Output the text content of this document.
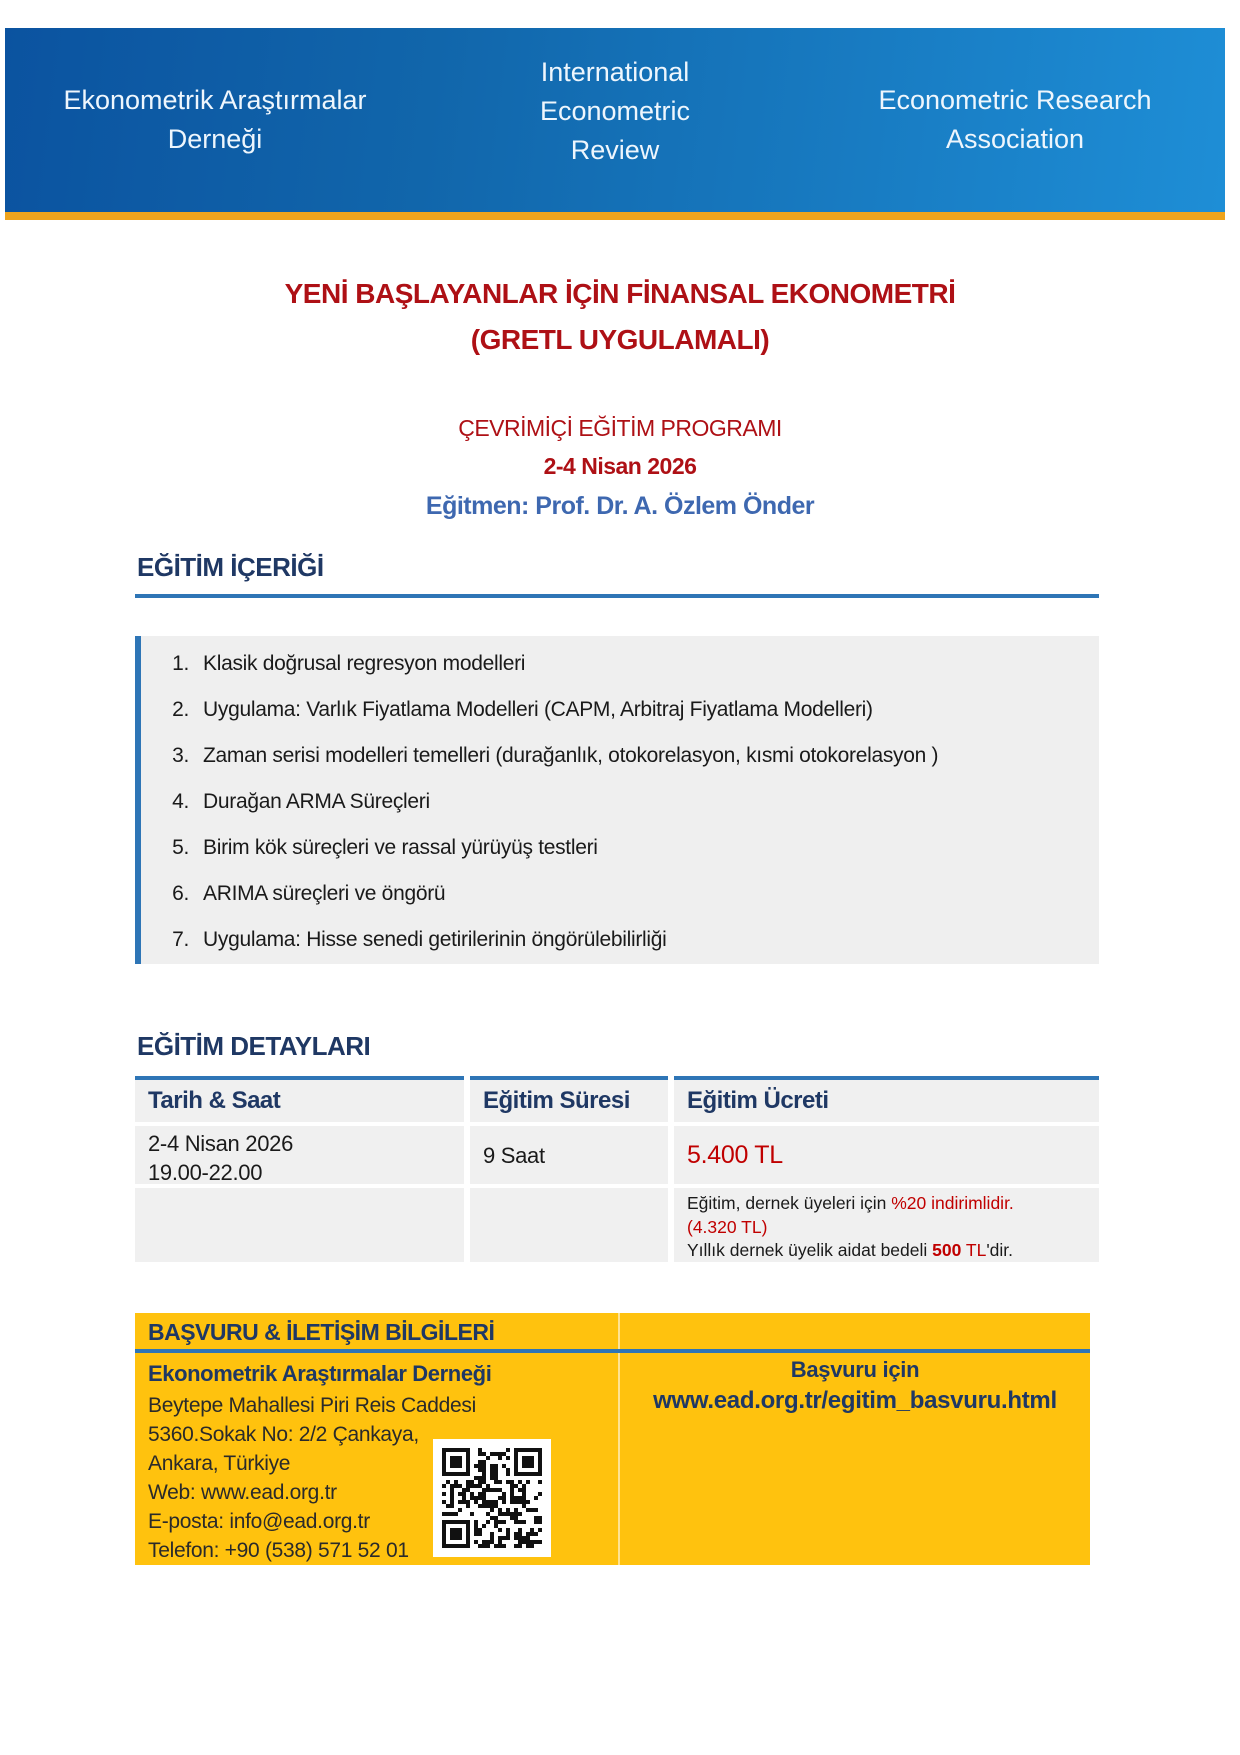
Ekonometrik Araştırmalar
Derneği
International
Econometric
Review
Econometric Research
Association
YENİ BAŞLAYANLAR İÇİN FİNANSAL EKONOMETRİ
(GRETL UYGULAMALI)
ÇEVRİMİÇİ EĞİTİM PROGRAMI
2-4 Nisan 2026
Eğitmen: Prof. Dr. A. Özlem Önder
EĞİTİM İÇERİĞİ
1. Klasik doğrusal regresyon modelleri
2. Uygulama: Varlık Fiyatlama Modelleri (CAPM, Arbitraj Fiyatlama Modelleri)
3. Zaman serisi modelleri temelleri (durağanlık, otokorelasyon, kısmi otokorelasyon )
4. Durağan ARMA Süreçleri
5. Birim kök süreçleri ve rassal yürüyüş testleri
6. ARIMA süreçleri ve öngörü
7. Uygulama: Hisse senedi getirilerinin öngörülebilirliği
EĞİTİM DETAYLARI
Tarih & Saat	Eğitim Süresi	Eğitim Ücreti
2-4 Nisan 2026
19.00-22.00
9 Saat	5.400 TL
Eğitim, dernek üyeleri için %20 indirimlidir.
(4.320 TL)
Yıllık dernek üyelik aidat bedeli 500 TL'dir.
BAŞVURU & İLETİŞİM BİLGİLERİ
Ekonometrik Araştırmalar Derneği
Beytepe Mahallesi Piri Reis Caddesi
5360.Sokak No: 2/2 Çankaya,
Ankara, Türkiye
Web: www.ead.org.tr
E-posta: info@ead.org.tr
Telefon: +90 (538) 571 52 01
Başvuru için
www.ead.org.tr/egitim_basvuru.html
